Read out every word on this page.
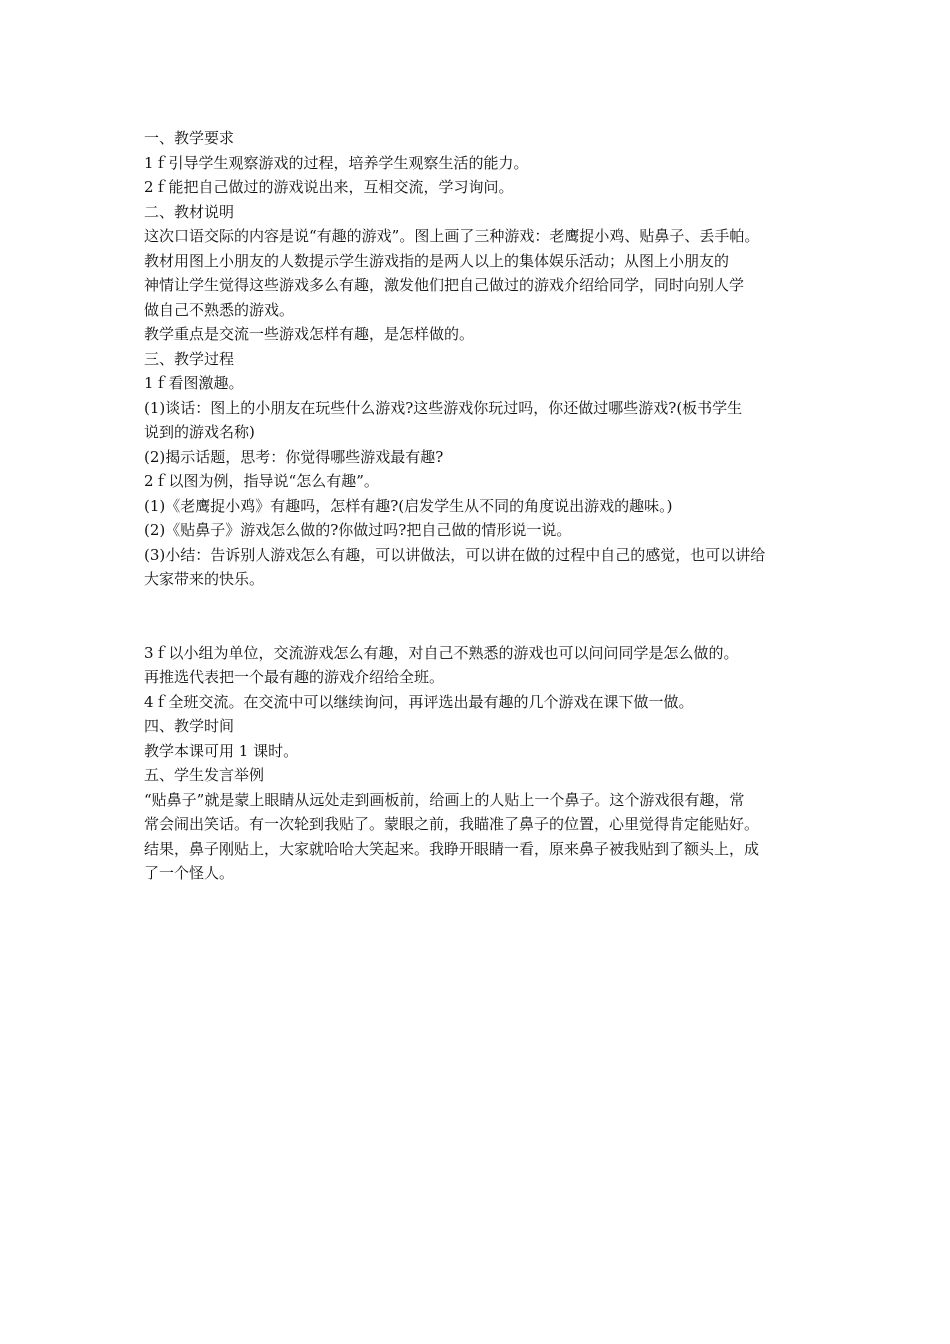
一、教学要求
1ｆ引导学生观察游戏的过程，培养学生观察生活的能力。
2ｆ能把自己做过的游戏说出来，互相交流，学习询问。
二、教材说明
这次口语交际的内容是说“有趣的游戏”。图上画了三种游戏：老鹰捉小鸡、贴鼻子、丢手帕。
教材用图上小朋友的人数提示学生游戏指的是两人以上的集体娱乐活动；从图上小朋友的
神情让学生觉得这些游戏多么有趣，激发他们把自己做过的游戏介绍给同学，同时向别人学
做自己不熟悉的游戏。
教学重点是交流一些游戏怎样有趣，是怎样做的。
三、教学过程
1ｆ看图激趣。
(1)谈话：图上的小朋友在玩些什么游戏?这些游戏你玩过吗，你还做过哪些游戏?(板书学生
说到的游戏名称)
(2)揭示话题，思考：你觉得哪些游戏最有趣?
2ｆ以图为例，指导说“怎么有趣”。
(1)《老鹰捉小鸡》有趣吗，怎样有趣?(启发学生从不同的角度说出游戏的趣味。)
(2)《贴鼻子》游戏怎么做的?你做过吗?把自己做的情形说一说。
(3)小结：告诉别人游戏怎么有趣，可以讲做法，可以讲在做的过程中自己的感觉，也可以讲给
大家带来的快乐。
3ｆ以小组为单位，交流游戏怎么有趣，对自己不熟悉的游戏也可以问问同学是怎么做的。
再推选代表把一个最有趣的游戏介绍给全班。
4ｆ全班交流。在交流中可以继续询问，再评选出最有趣的几个游戏在课下做一做。
四、教学时间
教学本课可用 1 课时。
五、学生发言举例
“贴鼻子”就是蒙上眼睛从远处走到画板前，给画上的人贴上一个鼻子。这个游戏很有趣，常
常会闹出笑话。有一次轮到我贴了。蒙眼之前，我瞄准了鼻子的位置，心里觉得肯定能贴好。
结果，鼻子刚贴上，大家就哈哈大笑起来。我睁开眼睛一看，原来鼻子被我贴到了额头上，成
了一个怪人。
